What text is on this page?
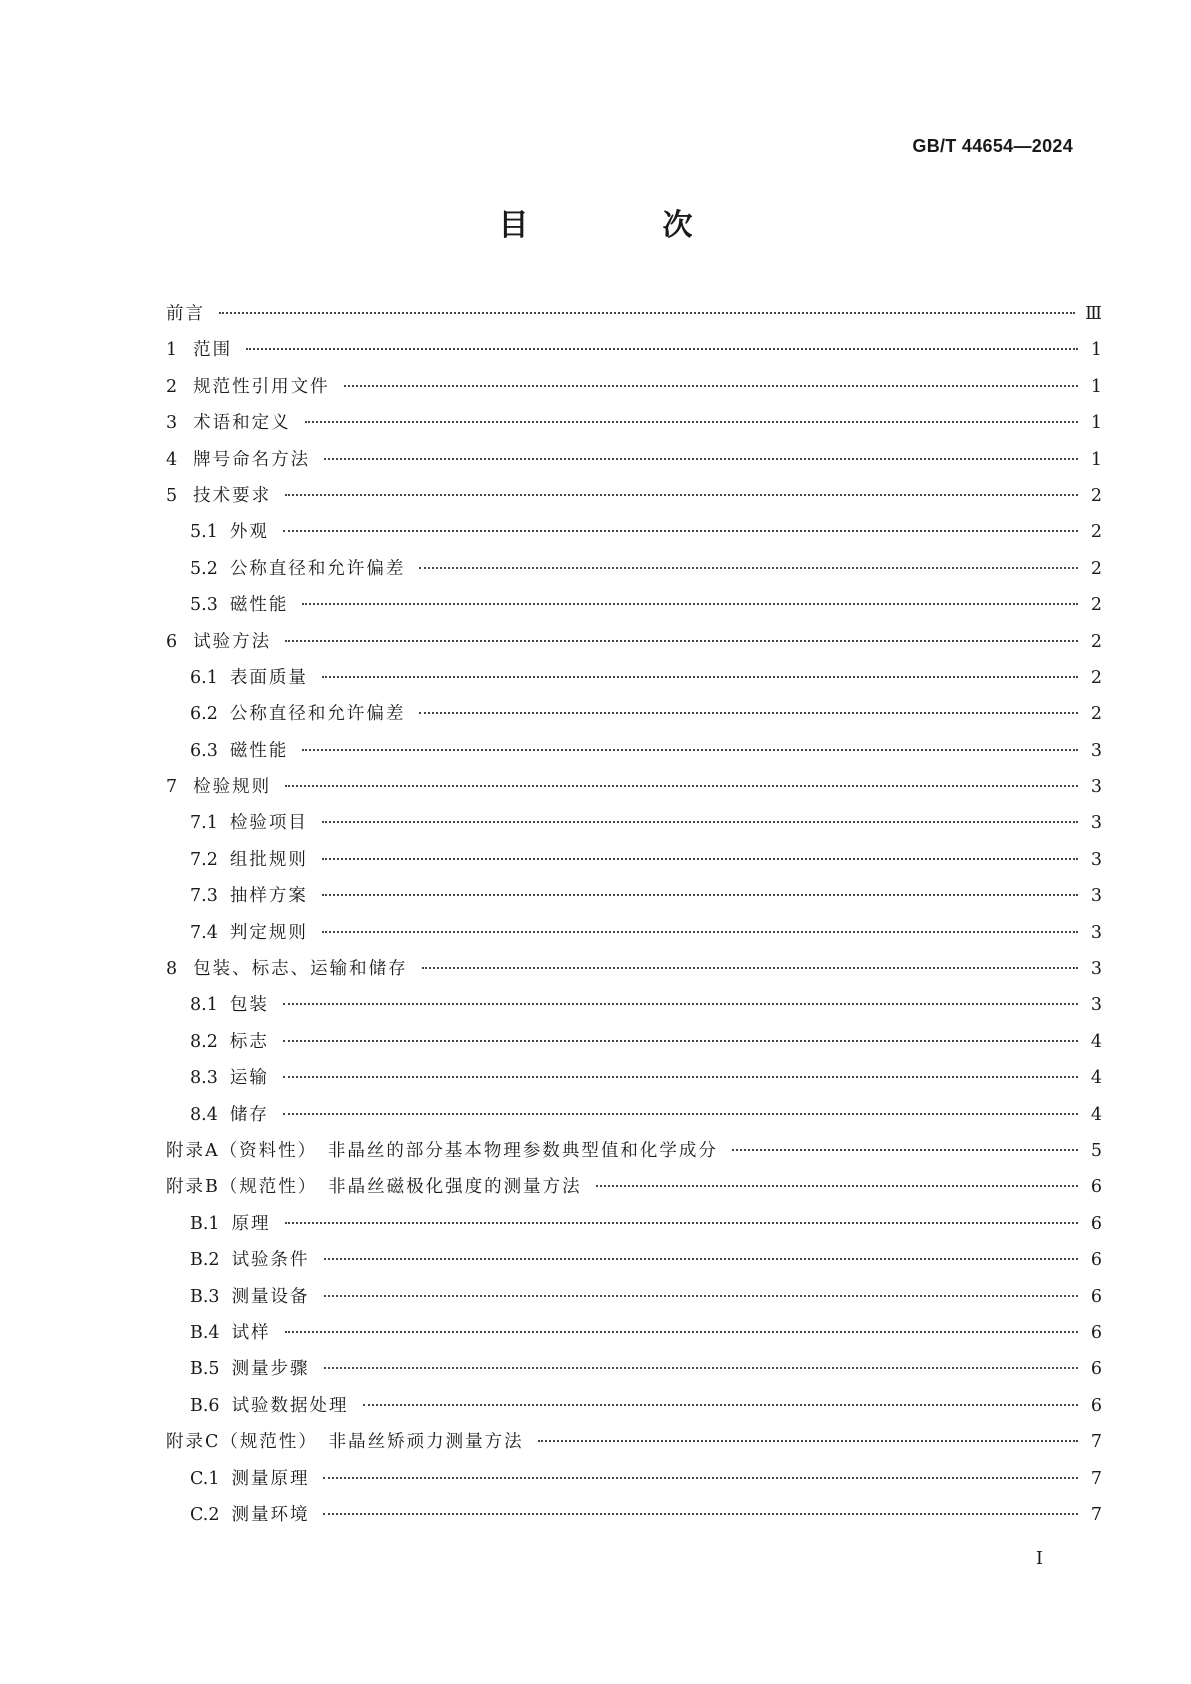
GB/T 44654—2024
目　次
前言	Ⅲ
1 范围	1
2 规范性引用文件	1
3 术语和定义	1
4 牌号命名方法	1
5 技术要求	2
5.1 外观	2
5.2 公称直径和允许偏差	2
5.3 磁性能	2
6 试验方法	2
6.1 表面质量	2
6.2 公称直径和允许偏差	2
6.3 磁性能	3
7 检验规则	3
7.1 检验项目	3
7.2 组批规则	3
7.3 抽样方案	3
7.4 判定规则	3
8 包装、标志、运输和储存	3
8.1 包装	3
8.2 标志	4
8.3 运输	4
8.4 储存	4
附录A（资料性）　非晶丝的部分基本物理参数典型值和化学成分	5
附录B（规范性）　非晶丝磁极化强度的测量方法	6
B.1 原理	6
B.2 试验条件	6
B.3 测量设备	6
B.4 试样	6
B.5 测量步骤	6
B.6 试验数据处理	6
附录C（规范性）　非晶丝矫顽力测量方法	7
C.1 测量原理	7
C.2 测量环境	7
Ⅰ
